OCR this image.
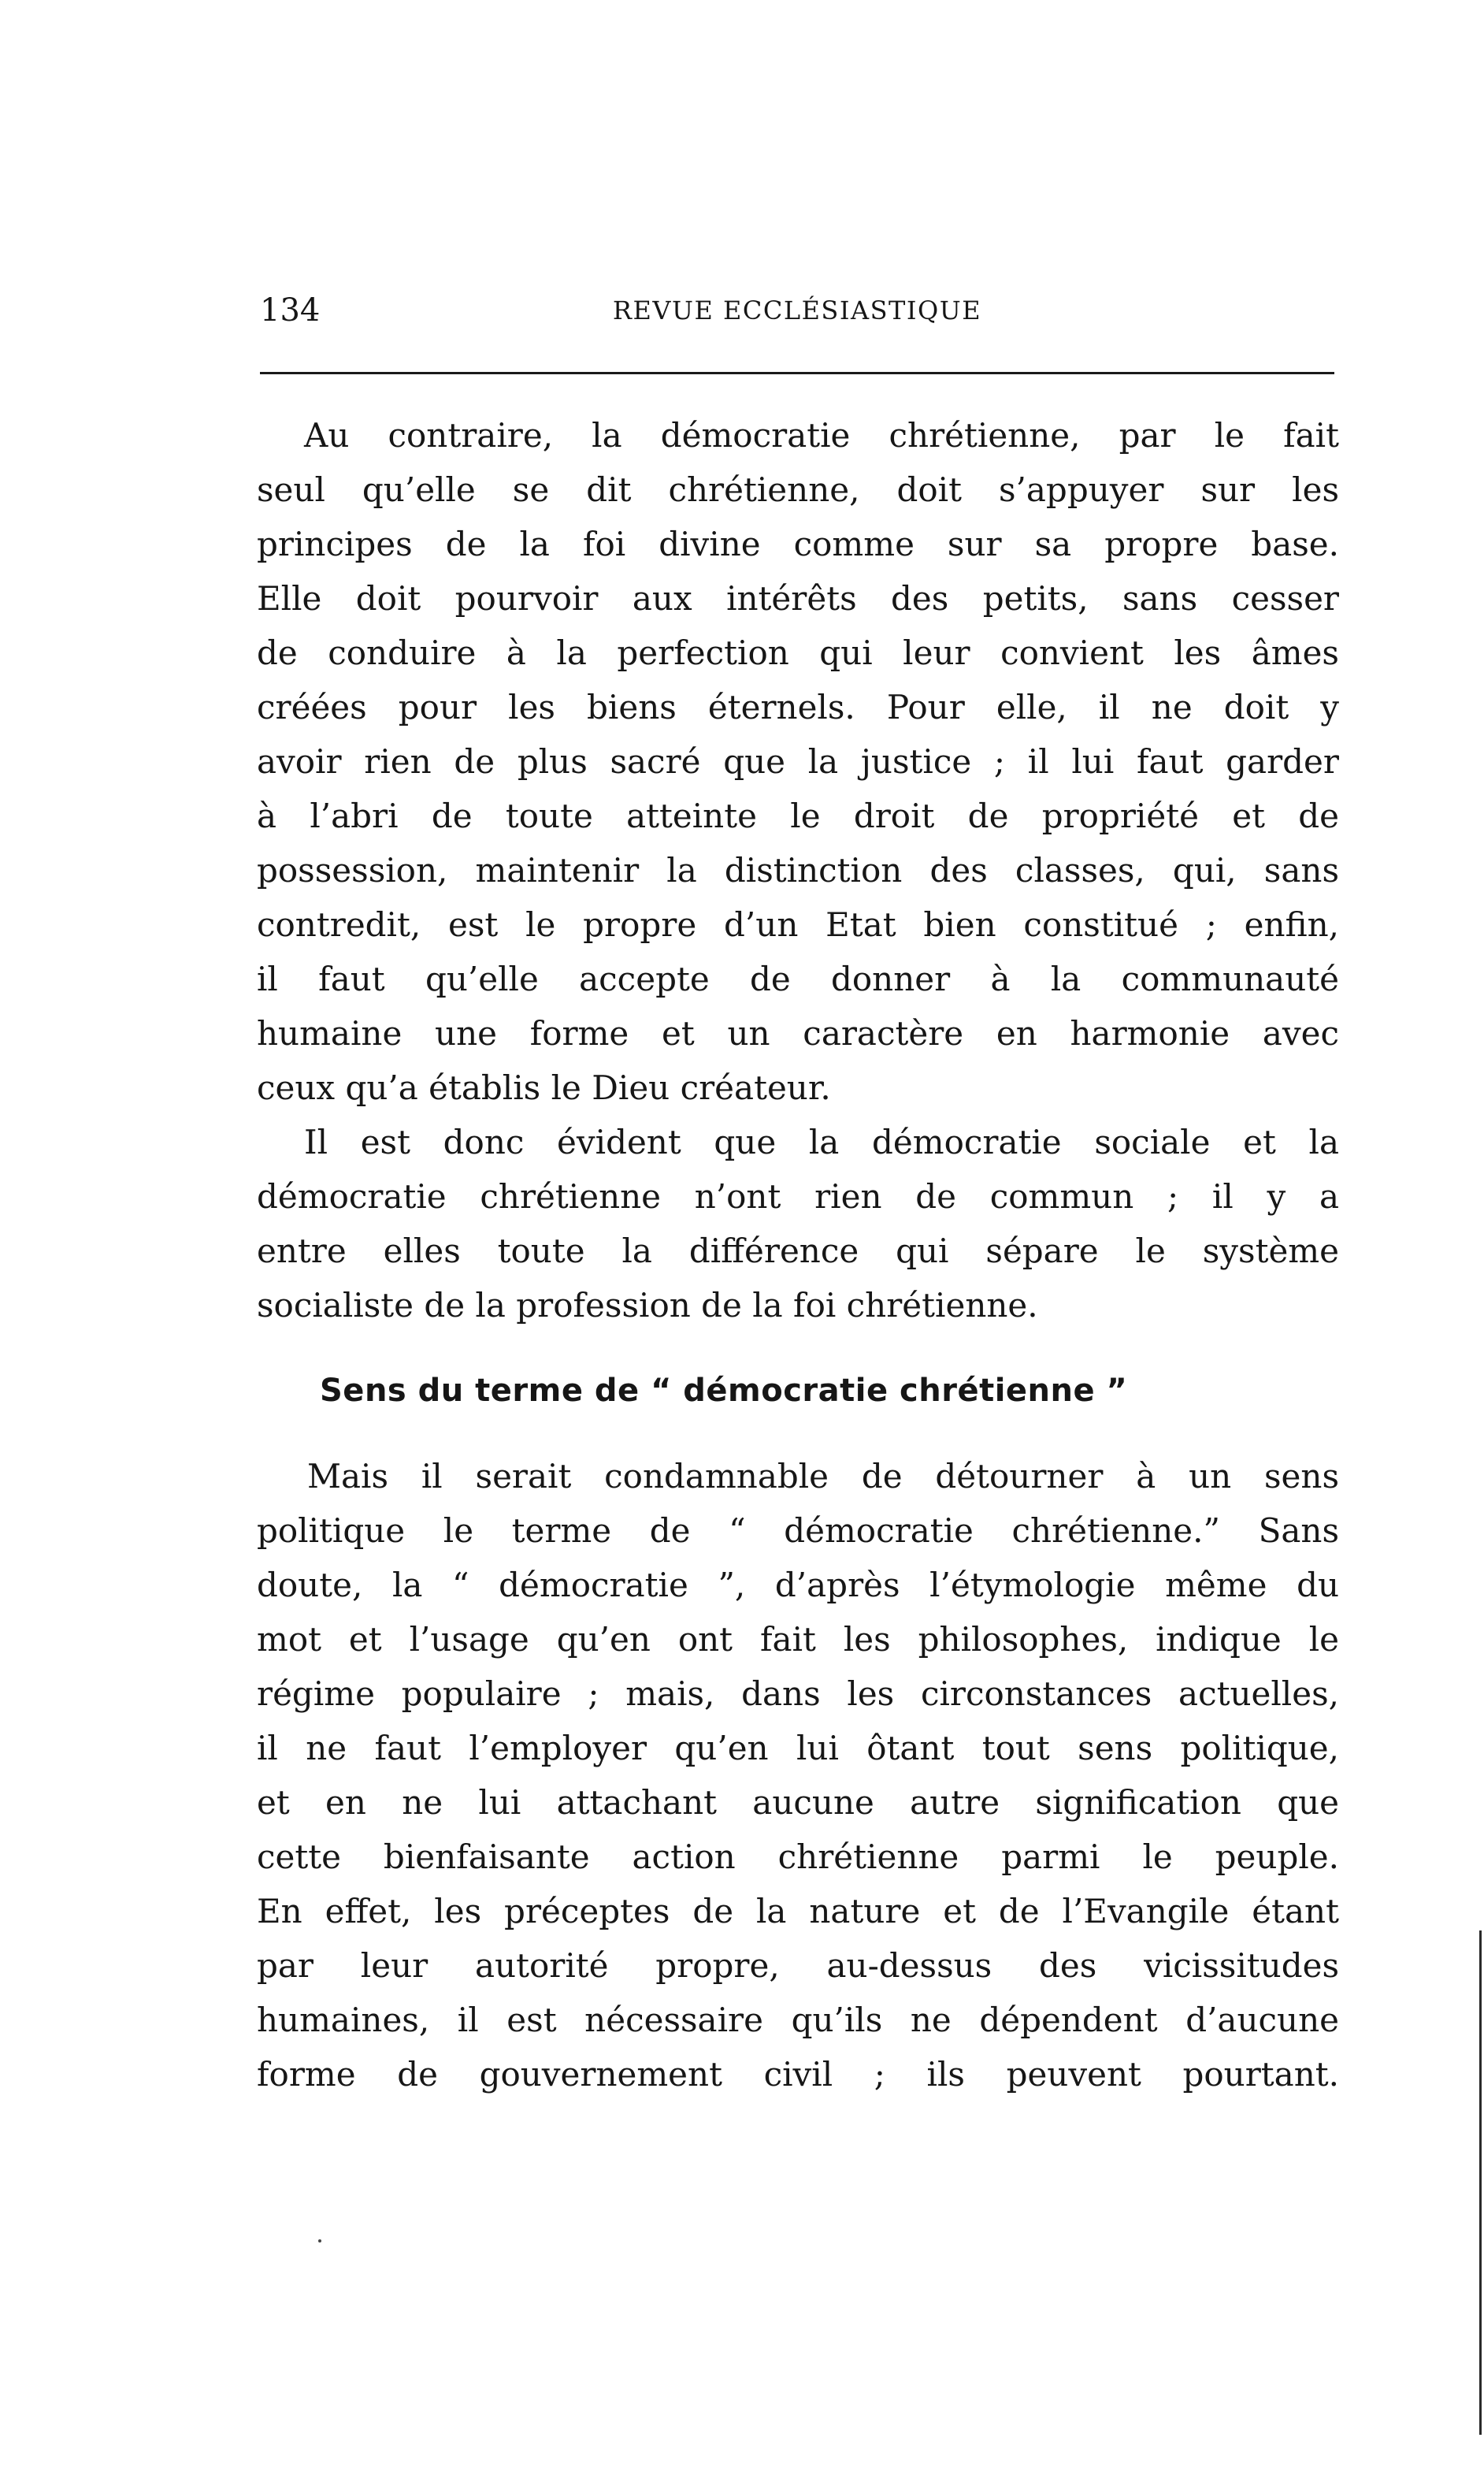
134	REVUE ECCLÉSIASTIQUE
Au contraire, la démocratie chrétienne, par le fait
seul qu’elle se dit chrétienne, doit s’appuyer sur les
principes de la foi divine comme sur sa propre base.
Elle doit pourvoir aux intérêts des petits, sans cesser
de conduire à la perfection qui leur convient les âmes
créées pour les biens éternels. Pour elle, il ne doit y
avoir rien de plus sacré que la justice ; il lui faut garder
à l’abri de toute atteinte le droit de propriété et de
possession, maintenir la distinction des classes, qui, sans
contredit, est le propre d’un Etat bien constitué ; enfin,
il faut qu’elle accepte de donner à la communauté
humaine une forme et un caractère en harmonie avec
ceux qu’a établis le Dieu créateur.
Il est donc évident que la démocratie sociale et la
démocratie chrétienne n’ont rien de commun ; il y a
entre elles toute la différence qui sépare le système
socialiste de la profession de la foi chrétienne.
Sens du terme de “ démocratie chrétienne ”
Mais il serait condamnable de détourner à un sens
politique le terme de “ démocratie chrétienne.” Sans
doute, la “ démocratie ”, d’après l’étymologie même du
mot et l’usage qu’en ont fait les philosophes, indique le
régime populaire ; mais, dans les circonstances actuelles,
il ne faut l’employer qu’en lui ôtant tout sens politique,
et en ne lui attachant aucune autre signification que
cette bienfaisante action chrétienne parmi le peuple.
En effet, les préceptes de la nature et de l’Evangile étant
par leur autorité propre, au-dessus des vicissitudes
humaines, il est nécessaire qu’ils ne dépendent d’aucune
forme de gouvernement civil ; ils peuvent pourtant.
